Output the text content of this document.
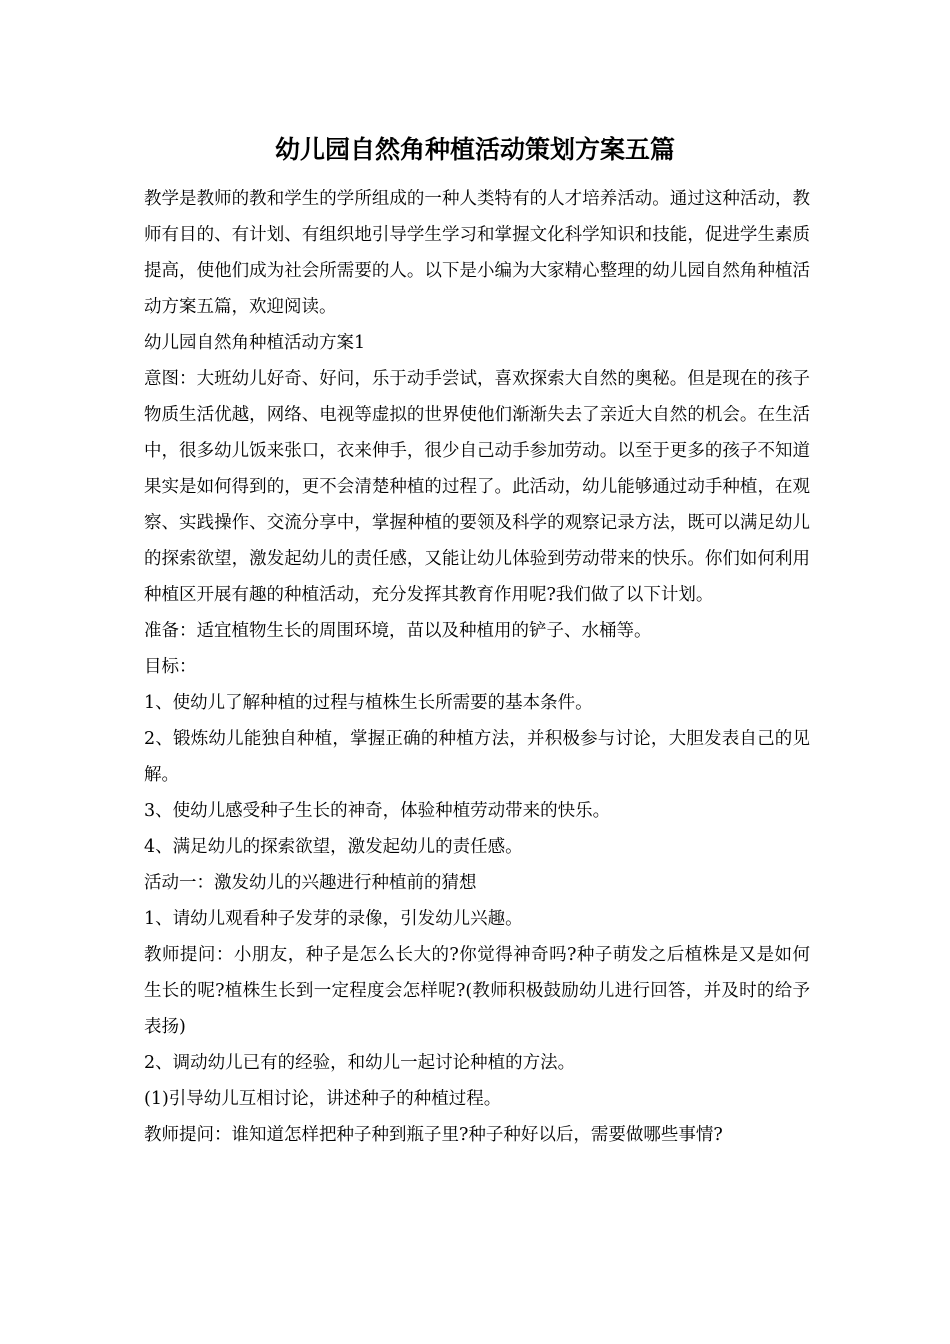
幼儿园自然角种植活动策划方案五篇

教学是教师的教和学生的学所组成的一种人类特有的人才培养活动。通过这种活动，教师有目的、有计划、有组织地引导学生学习和掌握文化科学知识和技能，促进学生素质提高，使他们成为社会所需要的人。以下是小编为大家精心整理的幼儿园自然角种植活动方案五篇，欢迎阅读。

幼儿园自然角种植活动方案1

意图：大班幼儿好奇、好问，乐于动手尝试，喜欢探索大自然的奥秘。但是现在的孩子物质生活优越，网络、电视等虚拟的世界使他们渐渐失去了亲近大自然的机会。在生活中，很多幼儿饭来张口，衣来伸手，很少自己动手参加劳动。以至于更多的孩子不知道果实是如何得到的，更不会清楚种植的过程了。此活动，幼儿能够通过动手种植，在观察、实践操作、交流分享中，掌握种植的要领及科学的观察记录方法，既可以满足幼儿的探索欲望，激发起幼儿的责任感，又能让幼儿体验到劳动带来的快乐。你们如何利用种植区开展有趣的种植活动，充分发挥其教育作用呢?我们做了以下计划。

准备：适宜植物生长的周围环境，苗以及种植用的铲子、水桶等。

目标：

1、使幼儿了解种植的过程与植株生长所需要的基本条件。

2、锻炼幼儿能独自种植，掌握正确的种植方法，并积极参与讨论，大胆发表自己的见解。

3、使幼儿感受种子生长的神奇，体验种植劳动带来的快乐。

4、满足幼儿的探索欲望，激发起幼儿的责任感。

活动一：激发幼儿的兴趣进行种植前的猜想

1、请幼儿观看种子发芽的录像，引发幼儿兴趣。

教师提问：小朋友，种子是怎么长大的?你觉得神奇吗?种子萌发之后植株是又是如何生长的呢?植株生长到一定程度会怎样呢?(教师积极鼓励幼儿进行回答，并及时的给予表扬)

2、调动幼儿已有的经验，和幼儿一起讨论种植的方法。

(1)引导幼儿互相讨论，讲述种子的种植过程。

教师提问：谁知道怎样把种子种到瓶子里?种子种好以后，需要做哪些事情?
